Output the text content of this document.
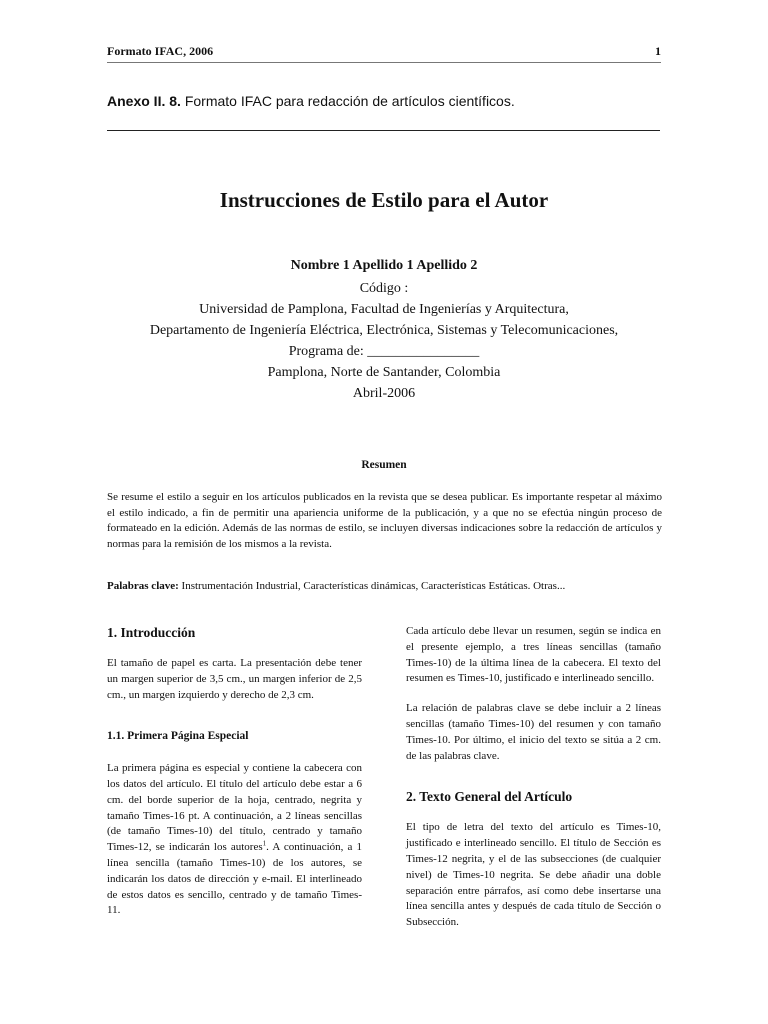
Formato IFAC, 2006	1
Anexo II. 8. Formato IFAC para redacción de artículos científicos.
Instrucciones de Estilo para el Autor
Nombre 1 Apellido 1 Apellido 2
Código :
Universidad de Pamplona, Facultad de Ingenierías y Arquitectura,
Departamento de Ingeniería Eléctrica, Electrónica, Sistemas y Telecomunicaciones,
Programa de: ________________
Pamplona, Norte de Santander, Colombia
Abril-2006
Resumen
Se resume el estilo a seguir en los artículos publicados en la revista que se desea publicar. Es importante respetar al máximo el estilo indicado, a fin de permitir una apariencia uniforme de la publicación, y a que no se efectúa ningún proceso de formateado en la edición. Además de las normas de estilo, se incluyen diversas indicaciones sobre la redacción de artículos y normas para la remisión de los mismos a la revista.
Palabras clave: Instrumentación Industrial, Características dinámicas, Características Estáticas. Otras...

1. Introducción

El tamaño de papel es carta. La presentación debe tener un margen superior de 3,5 cm., un margen inferior de 2,5 cm., un margen izquierdo y derecho de 2,3 cm.

1.1. Primera Página Especial

La primera página es especial y contiene la cabecera con los datos del artículo. El título del artículo debe estar a 6 cm. del borde superior de la hoja, centrado, negrita y tamaño Times-16 pt. A continuación, a 2 líneas sencillas (de tamaño Times-10) del título, centrado y tamaño Times-12, se indicarán los autores$^1$. A continuación, a 1 línea sencilla (tamaño Times-10) de los autores, se indicarán los datos de dirección y e-mail. El interlineado de estos datos es sencillo, centrado y de tamaño Times-11.

Cada artículo debe llevar un resumen, según se indica en el presente ejemplo, a tres líneas sencillas (tamaño Times-10) de la última línea de la cabecera. El texto del resumen es Times-10, justificado e interlineado sencillo.

La relación de palabras clave se debe incluir a 2 líneas sencillas (tamaño Times-10) del resumen y con tamaño Times-10. Por último, el inicio del texto se sitúa a 2 cm. de las palabras clave.

2. Texto General del Artículo

El tipo de letra del texto del artículo es Times-10, justificado e interlineado sencillo. El título de Sección es Times-12 negrita, y el de las subsecciones (de cualquier nivel) de Times-10 negrita. Se debe añadir una doble separación entre párrafos, así como debe insertarse una línea sencilla antes y después de cada título de Sección o Subsección.
